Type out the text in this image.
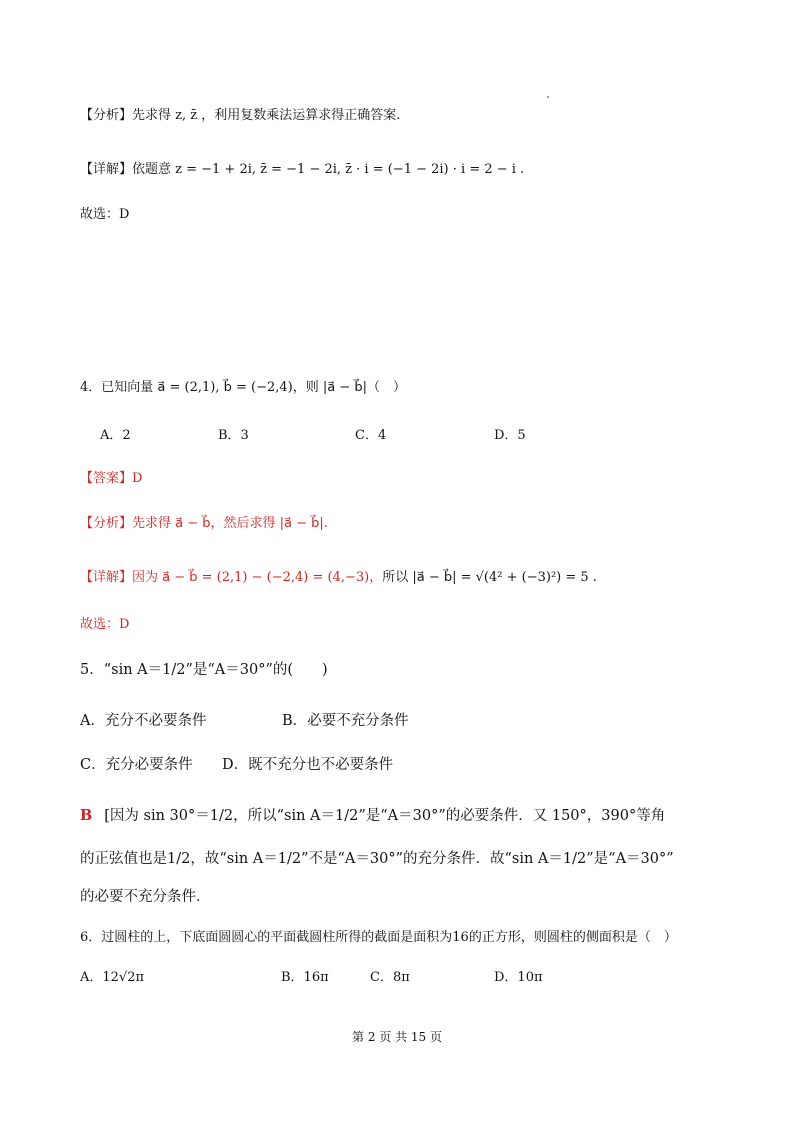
【分析】先求得 z, z̄ ，利用复数乘法运算求得正确答案.
【详解】依题意 z = −1 + 2i, z̄ = −1 − 2i, z̄ · i = (−1 − 2i) · i = 2 − i .
故选：D
4．已知向量 a⃗ = (2,1), b⃗ = (−2,4)，则 |a⃗ − b⃗|（　）
A．2	B．3	C．4	D．5
【答案】D
【分析】先求得 a⃗ − b⃗，然后求得 |a⃗ − b⃗|.
【详解】因为 a⃗ − b⃗ = (2,1) − (−2,4) = (4,−3)，所以 |a⃗ − b⃗| = √(4² + (−3)²) = 5 .
故选：D
5．“sin A＝1/2”是“A＝30°”的(　　)
A．充分不必要条件	B．必要不充分条件
C．充分必要条件 D．既不充分也不必要条件
B [因为 sin 30°＝1/2，所以“sin A＝1/2”是“A＝30°”的必要条件．又 150°，390°等角
的正弦值也是1/2，故“sin A＝1/2”不是“A＝30°”的充分条件．故“sin A＝1/2”是“A＝30°”
的必要不充分条件．
6．过圆柱的上，下底面圆圆心的平面截圆柱所得的截面是面积为16的正方形，则圆柱的侧面积是（　）
A．12√2π	B．16π	C．8π	D．10π
第 2 页 共 15 页
